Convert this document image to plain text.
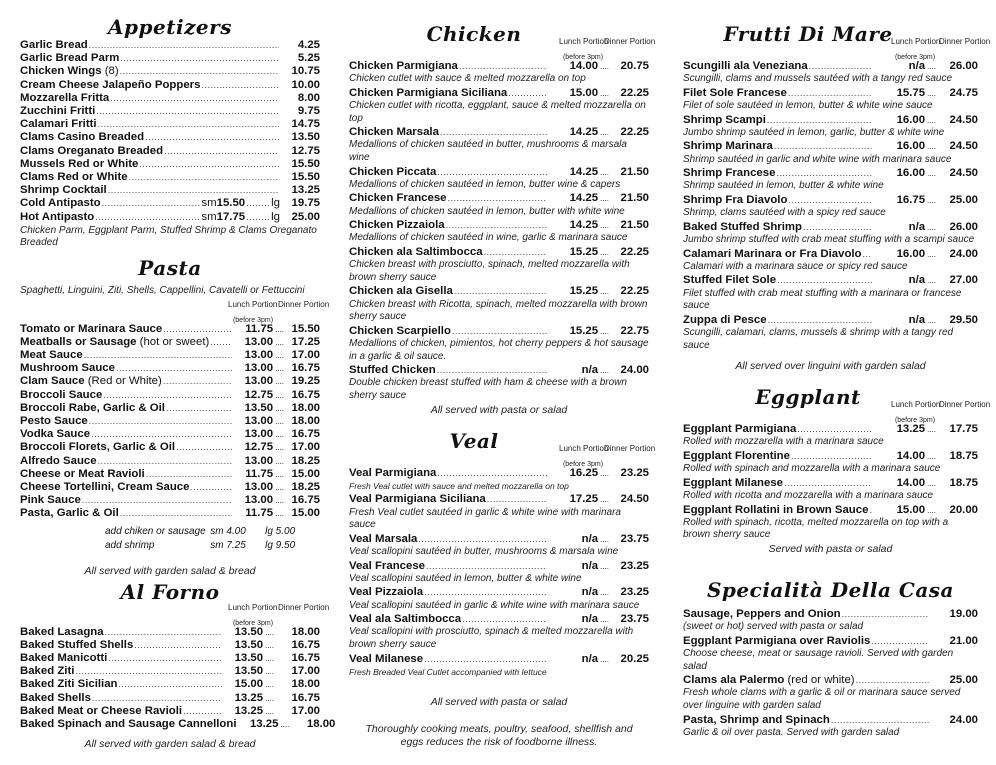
Appetizers
Garlic Bread .....	4.25
Garlic Bread Parm .....	5.25
Chicken Wings (8) .....	10.75
Cream Cheese Jalapeño Poppers .....	10.00
Mozzarella Fritta .....	8.00
Zucchini Fritti .....	9.75
Calamari Fritti .....	14.75
Clams Casino Breaded .....	13.50
Clams Oreganato Breaded .....	12.75
Mussels Red or White .....	15.50
Clams Red or White .....	15.50
Shrimp Cocktail .....	13.25
Cold Antipasto .....	sm 15.50 ..... lg	19.75
Hot Antipasto .....	sm 17.75 ..... lg	25.00
Chicken Parm, Eggplant Parm, Stuffed Shrimp & Clams Oreganato Breaded
Pasta
Spaghetti, Linguini, Ziti, Shells, Cappellini, Cavatelli or Fettuccini
Lunch Portion Dinner Portion
(before 3pm)
Tomato or Marinara Sauce .....	11.75 .... 15.50
Meatballs or Sausage (hot or sweet) .....	13.00 .... 17.25
Meat Sauce .....	13.00 .... 17.00
Mushroom Sauce .....	13.00 .... 16.75
Clam Sauce (Red or White) .....	13.00 .... 19.25
Broccoli Sauce .....	12.75 .... 16.75
Broccoli Rabe, Garlic & Oil .....	13.50 .... 18.00
Pesto Sauce .....	13.00 .... 18.00
Vodka Sauce .....	13.00 .... 16.75
Broccoli Florets, Garlic & Oil .....	12.75 .... 17.00
Alfredo Sauce .....	13.00 .... 18.25
Cheese or Meat Ravioli .....	11.75 .... 15.00
Cheese Tortellini, Cream Sauce .....	13.00 .... 18.25
Pink Sauce .....	13.00 .... 16.75
Pasta, Garlic & Oil .....	11.75 .... 15.00
add chiken or sausage sm 4.00	lg 5.00
add shrimp	sm 7.25	lg 9.50
All served with garden salad & bread
Al Forno
Lunch Portion Dinner Portion
(before 3pm)
Baked Lasagna .....	13.50 .... 18.00
Baked Stuffed Shells .....	13.50 .... 16.75
Baked Manicotti .....	13.50 .... 16.75
Baked Ziti .....	13.50 .... 17.00
Baked Ziti Sicilian .....	15.00 .... 18.00
Baked Shells .....	13.25 .... 16.75
Baked Meat or Cheese Ravioli .....	13.25 .... 17.00
Baked Spinach and Sausage Cannelloni	13.25 .... 18.00
All served with garden salad & bread
Chicken	Lunch Portion
Dinner Portion
(before 3pm)
Chicken Parmigiana .....	14.00 .... 20.75
Chicken cutlet with sauce & melted mozzarella on top
Chicken Parmigiana Siciliana .....	15.00 .... 22.25
Chicken cutlet with ricotta, eggplant, sauce & melted mozzarella on top
Chicken Marsala .....	14.25 .... 22.25
Medallions of chicken sautéed in butter, mushrooms & marsala wine
Chicken Piccata .....	14.25 .... 21.50
Medallions of chicken sautéed in lemon, butter wine & capers
Chicken Francese .....	14.25 .... 21.50
Medallions of chicken sautéed in lemon, butter with white wine
Chicken Pizzaiola .....	14.25 .... 21.50
Medallions of chicken sautéed in wine, garlic & marinara sauce
Chicken ala Saltimbocca .....	15.25 .... 22.25
Chicken breast with prosciutto, spinach, melted mozzarella with brown sherry sauce
Chicken ala Gisella .....	15.25 .... 22.25
Chicken breast with Ricotta, spinach, melted mozzarella with brown sherry sauce
Chicken Scarpiello .....	15.25 .... 22.75
Medallions of chicken, pimientos, hot cherry peppers & hot sausage in a garlic & oil sauce.
Stuffed Chicken .....	n/a .... 24.00
Double chicken breast stuffed with ham & cheese with a brown sherry sauce
All served with pasta or salad
Veal	Lunch Portion
Dinner Portion
(before 3pm)
Veal Parmigiana .....	16.25 .... 23.25
Fresh Veal cutlet with sauce and melted mozzarella on top
Veal Parmigiana Siciliana .....	17.25 .... 24.50
Fresh Veal cutlet sautéed in garlic & white wine with marinara sauce
Veal Marsala .....	n/a .... 23.75
Veal scallopini sautéed in butter, mushrooms & marsala wine
Veal Francese .....	n/a .... 23.25
Veal scallopini sautéed in lemon, butter & white wine
Veal Pizzaiola .....	n/a .... 23.25
Veal scallopini sautéed in garlic & white wine with marinara sauce
Veal ala Saltimbocca .....	n/a .... 23.75
Veal scallopini with prosciutto, spinach & melted mozzarella with brown sherry sauce
Veal Milanese .....	n/a .... 20.25
Fresh Breaded Veal Cutlet accompanied with lettuce
All served with pasta or salad
Thoroughly cooking meats, poultry, seafood, shellfish and eggs reduces the risk of foodborne illness.
Frutti Di Mare
Lunch Portion
Dinner Portion
(before 3pm)
Scungilli ala Veneziana .....	n/a .... 26.00
Scungilli, clams and mussels sautéed with a tangy red sauce
Filet Sole Francese .....	15.75 .... 24.75
Filet of sole sautéed in lemon, butter & white wine sauce
Shrimp Scampi .....	16.00 .... 24.50
Jumbo shrimp sautéed in lemon, garlic, butter & white wine
Shrimp Marinara .....	16.00 .... 24.50
Shrimp sautéed in garlic and white wine with marinara sauce
Shrimp Francese .....	16.00 .... 24.50
Shrimp sautéed in lemon, butter & white wine
Shrimp Fra Diavolo .....	16.75 .... 25.00
Shrimp, clams sautéed with a spicy red sauce
Baked Stuffed Shrimp .....	n/a .... 26.00
Jumbo shrimp stuffed with crab meat stuffing with a scampi sauce
Calamari Marinara or Fra Diavolo .....	16.00 .... 24.00
Calamari with a marinara sauce or spicy red sauce
Stuffed Filet Sole .....	n/a .... 27.00
Filet stuffed with crab meat stuffing with a marinara or francese sauce
Zuppa di Pesce .....	n/a .... 29.50
Scungilli, calamari, clams, mussels & shrimp with a tangy red sauce
All served over linguini with garden salad
Eggplant	Lunch Portion
Dinner Portion
(before 3pm)
Eggplant Parmigiana .....	13.25 .... 17.75
Rolled with mozzarella with a marinara sauce
Eggplant Florentine .....	14.00 .... 18.75
Rolled with spinach and mozzarella with a marinara sauce
Eggplant Milanese .....	14.00 .... 18.75
Rolled with ricotta and mozzarella with a marinara sauce
Eggplant Rollatini in Brown Sauce .....	15.00 .... 20.00
Rolled with spinach, ricotta, melted mozzarella on top with a brown sherry sauce
Served with pasta or salad
Specialità Della Casa
Sausage, Peppers and Onion .....	19.00
(sweet or hot) served with pasta or salad
Eggplant Parmigiana over Raviolis .....	21.00
Choose cheese, meat or sausage ravioli. Served with garden salad
Clams ala Palermo (red or white) .....	25.00
Fresh whole clams with a garlic & oil or marinara sauce served over linguine with garden salad
Pasta, Shrimp and Spinach .....	24.00
Garlic & oil over pasta. Served with garden salad
